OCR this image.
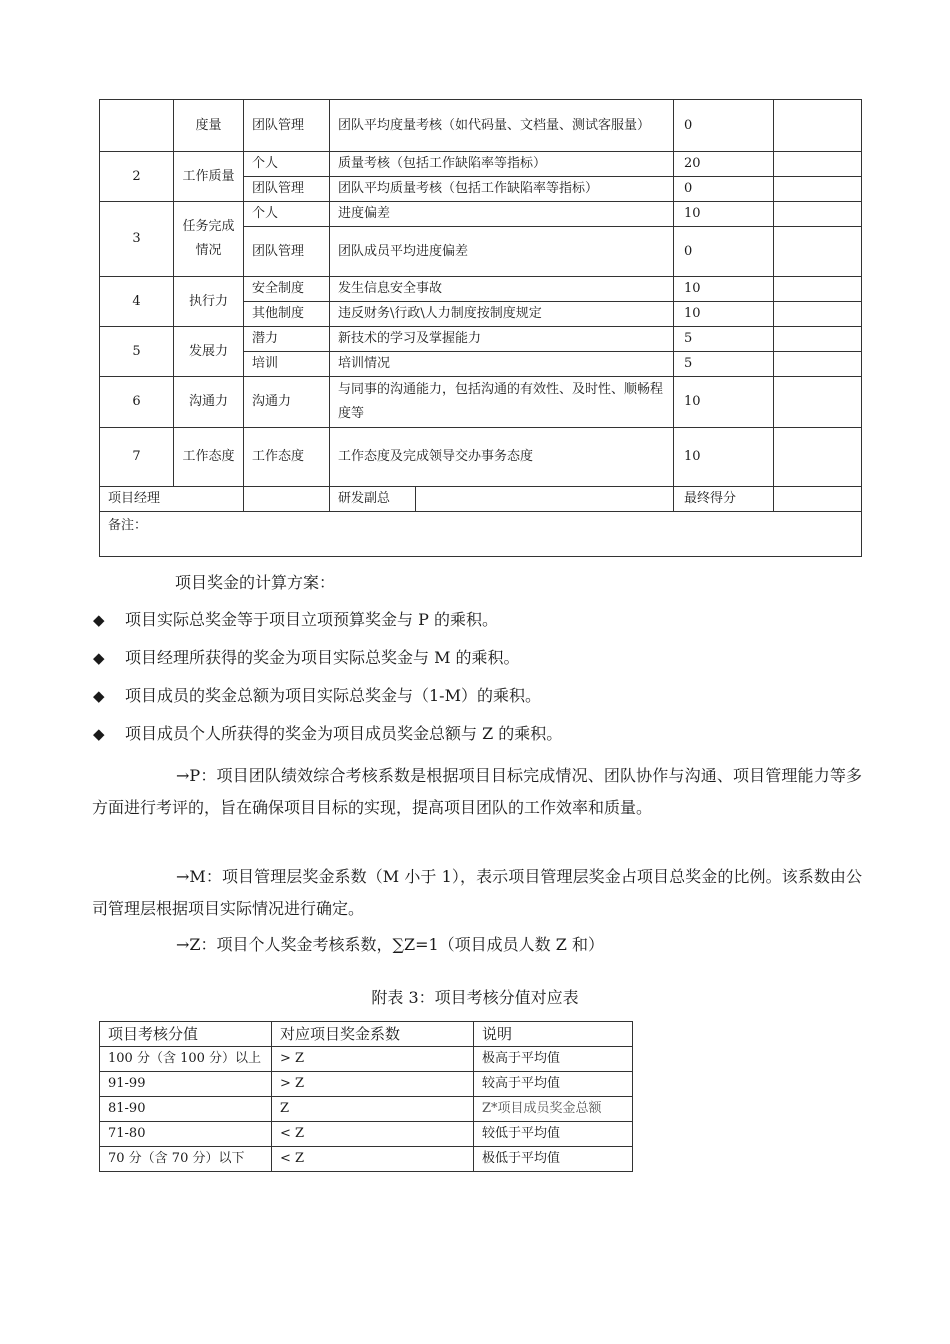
	度量	团队管理	团队平均度量考核（如代码量、文档量、测试客服量）		0	
2	工作质量	个人	质量考核（包括工作缺陷率等指标）		20	
		团队管理	团队平均质量考核（包括工作缺陷率等指标）		0	
3	任务完成情况	个人	进度偏差		10	
		团队管理	团队成员平均进度偏差		0	
4	执行力	安全制度	发生信息安全事故		10	
		其他制度	违反财务\行政\人力制度按制度规定		10	
5	发展力	潜力	新技术的学习及掌握能力		5	
		培训	培训情况		5	
6	沟通力	沟通力	与同事的沟通能力，包括沟通的有效性、及时性、顺畅程度等		10	
7	工作态度	工作态度	工作态度及完成领导交办事务态度		10	
项目经理			研发副总		最终得分	
备注：						
项目奖金的计算方案：
◆ 项目实际总奖金等于项目立项预算奖金与 P 的乘积。
◆ 项目经理所获得的奖金为项目实际总奖金与 M 的乘积。
◆ 项目成员的奖金总额为项目实际总奖金与（1-M）的乘积。
◆ 项目成员个人所获得的奖金为项目成员奖金总额与 Z 的乘积。

→P：项目团队绩效综合考核系数是根据项目目标完成情况、团队协作与沟通、项目管理能力等多方面进行考评的，旨在确保项目目标的实现，提高项目团队的工作效率和质量。

→M：项目管理层奖金系数（M 小于 1），表示项目管理层奖金占项目总奖金的比例。该系数由公司管理层根据项目实际情况进行确定。

→Z：项目个人奖金考核系数，∑Z=1（项目成员人数 Z 和）

附表 3：项目考核分值对应表
项目考核分值	对应项目奖金系数	说明
100 分（含 100 分）以上	> Z	极高于平均值
91-99	> Z	较高于平均值
81-90	Z	Z*项目成员奖金总额
71-80	< Z	较低于平均值
70 分（含 70 分）以下	< Z	极低于平均值
